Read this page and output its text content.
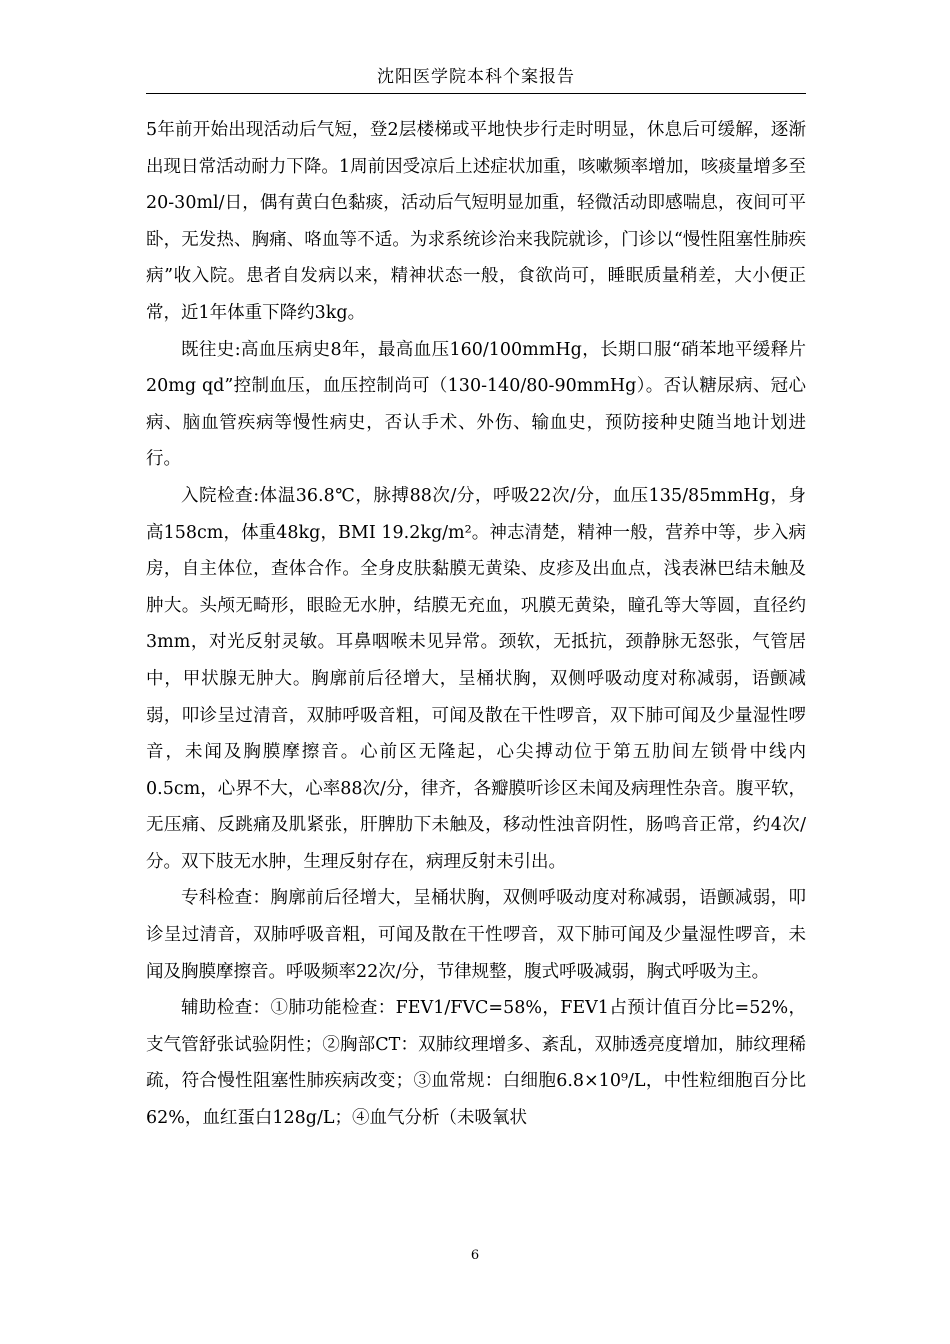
沈阳医学院本科个案报告

5年前开始出现活动后气短，登2层楼梯或平地快步行走时明显，休息后可缓解，逐渐出现日常活动耐力下降。1周前因受凉后上述症状加重，咳嗽频率增加，咳痰量增多至20-30ml/日，偶有黄白色黏痰，活动后气短明显加重，轻微活动即感喘息，夜间可平卧，无发热、胸痛、咯血等不适。为求系统诊治来我院就诊，门诊以“慢性阻塞性肺疾病”收入院。患者自发病以来，精神状态一般，食欲尚可，睡眠质量稍差，大小便正常，近1年体重下降约3kg。

既往史:高血压病史8年，最高血压160/100mmHg，长期口服“硝苯地平缓释片20mg qd”控制血压，血压控制尚可（130-140/80-90mmHg）。否认糖尿病、冠心病、脑血管疾病等慢性病史，否认手术、外伤、输血史，预防接种史随当地计划进行。

入院检查:体温36.8℃，脉搏88次/分，呼吸22次/分，血压135/85mmHg，身高158cm，体重48kg，BMI 19.2kg/m²。神志清楚，精神一般，营养中等，步入病房，自主体位，查体合作。全身皮肤黏膜无黄染、皮疹及出血点，浅表淋巴结未触及肿大。头颅无畸形，眼睑无水肿，结膜无充血，巩膜无黄染，瞳孔等大等圆，直径约3mm，对光反射灵敏。耳鼻咽喉未见异常。颈软，无抵抗，颈静脉无怒张，气管居中，甲状腺无肿大。胸廓前后径增大，呈桶状胸，双侧呼吸动度对称减弱，语颤减弱，叩诊呈过清音，双肺呼吸音粗，可闻及散在干性啰音，双下肺可闻及少量湿性啰音，未闻及胸膜摩擦音。心前区无隆起，心尖搏动位于第五肋间左锁骨中线内0.5cm，心界不大，心率88次/分，律齐，各瓣膜听诊区未闻及病理性杂音。腹平软，无压痛、反跳痛及肌紧张，肝脾肋下未触及，移动性浊音阴性，肠鸣音正常，约4次/分。双下肢无水肿，生理反射存在，病理反射未引出。

专科检查：胸廓前后径增大，呈桶状胸，双侧呼吸动度对称减弱，语颤减弱，叩诊呈过清音，双肺呼吸音粗，可闻及散在干性啰音，双下肺可闻及少量湿性啰音，未闻及胸膜摩擦音。呼吸频率22次/分，节律规整，腹式呼吸减弱，胸式呼吸为主。

辅助检查：①肺功能检查：FEV1/FVC=58%，FEV1占预计值百分比=52%，支气管舒张试验阴性；②胸部CT：双肺纹理增多、紊乱，双肺透亮度增加，肺纹理稀疏，符合慢性阻塞性肺疾病改变；③血常规：白细胞6.8×10⁹/L，中性粒细胞百分比62%，血红蛋白128g/L；④血气分析（未吸氧状

6
